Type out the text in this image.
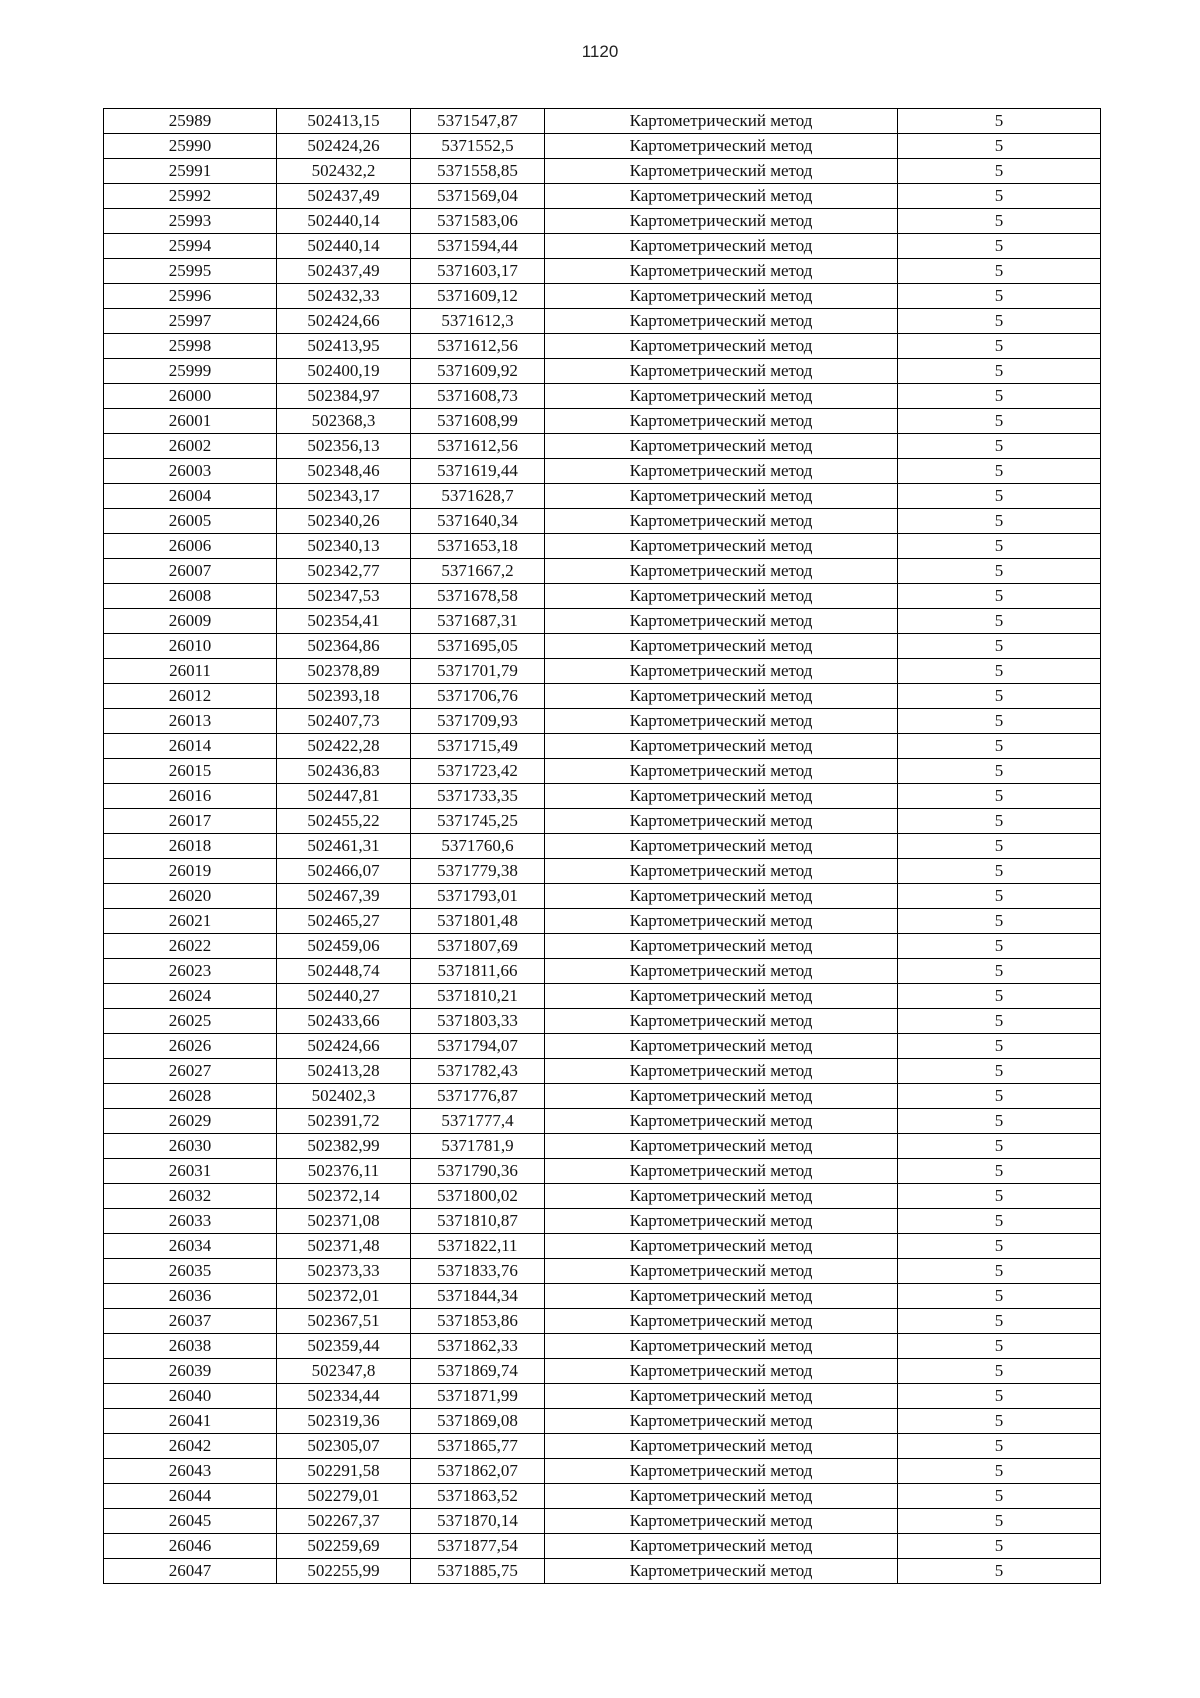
1120
25989	502413,15	5371547,87	Картометрический метод	5
25990	502424,26	5371552,5	Картометрический метод	5
25991	502432,2	5371558,85	Картометрический метод	5
25992	502437,49	5371569,04	Картометрический метод	5
25993	502440,14	5371583,06	Картометрический метод	5
25994	502440,14	5371594,44	Картометрический метод	5
25995	502437,49	5371603,17	Картометрический метод	5
25996	502432,33	5371609,12	Картометрический метод	5
25997	502424,66	5371612,3	Картометрический метод	5
25998	502413,95	5371612,56	Картометрический метод	5
25999	502400,19	5371609,92	Картометрический метод	5
26000	502384,97	5371608,73	Картометрический метод	5
26001	502368,3	5371608,99	Картометрический метод	5
26002	502356,13	5371612,56	Картометрический метод	5
26003	502348,46	5371619,44	Картометрический метод	5
26004	502343,17	5371628,7	Картометрический метод	5
26005	502340,26	5371640,34	Картометрический метод	5
26006	502340,13	5371653,18	Картометрический метод	5
26007	502342,77	5371667,2	Картометрический метод	5
26008	502347,53	5371678,58	Картометрический метод	5
26009	502354,41	5371687,31	Картометрический метод	5
26010	502364,86	5371695,05	Картометрический метод	5
26011	502378,89	5371701,79	Картометрический метод	5
26012	502393,18	5371706,76	Картометрический метод	5
26013	502407,73	5371709,93	Картометрический метод	5
26014	502422,28	5371715,49	Картометрический метод	5
26015	502436,83	5371723,42	Картометрический метод	5
26016	502447,81	5371733,35	Картометрический метод	5
26017	502455,22	5371745,25	Картометрический метод	5
26018	502461,31	5371760,6	Картометрический метод	5
26019	502466,07	5371779,38	Картометрический метод	5
26020	502467,39	5371793,01	Картометрический метод	5
26021	502465,27	5371801,48	Картометрический метод	5
26022	502459,06	5371807,69	Картометрический метод	5
26023	502448,74	5371811,66	Картометрический метод	5
26024	502440,27	5371810,21	Картометрический метод	5
26025	502433,66	5371803,33	Картометрический метод	5
26026	502424,66	5371794,07	Картометрический метод	5
26027	502413,28	5371782,43	Картометрический метод	5
26028	502402,3	5371776,87	Картометрический метод	5
26029	502391,72	5371777,4	Картометрический метод	5
26030	502382,99	5371781,9	Картометрический метод	5
26031	502376,11	5371790,36	Картометрический метод	5
26032	502372,14	5371800,02	Картометрический метод	5
26033	502371,08	5371810,87	Картометрический метод	5
26034	502371,48	5371822,11	Картометрический метод	5
26035	502373,33	5371833,76	Картометрический метод	5
26036	502372,01	5371844,34	Картометрический метод	5
26037	502367,51	5371853,86	Картометрический метод	5
26038	502359,44	5371862,33	Картометрический метод	5
26039	502347,8	5371869,74	Картометрический метод	5
26040	502334,44	5371871,99	Картометрический метод	5
26041	502319,36	5371869,08	Картометрический метод	5
26042	502305,07	5371865,77	Картометрический метод	5
26043	502291,58	5371862,07	Картометрический метод	5
26044	502279,01	5371863,52	Картометрический метод	5
26045	502267,37	5371870,14	Картометрический метод	5
26046	502259,69	5371877,54	Картометрический метод	5
26047	502255,99	5371885,75	Картометрический метод	5
